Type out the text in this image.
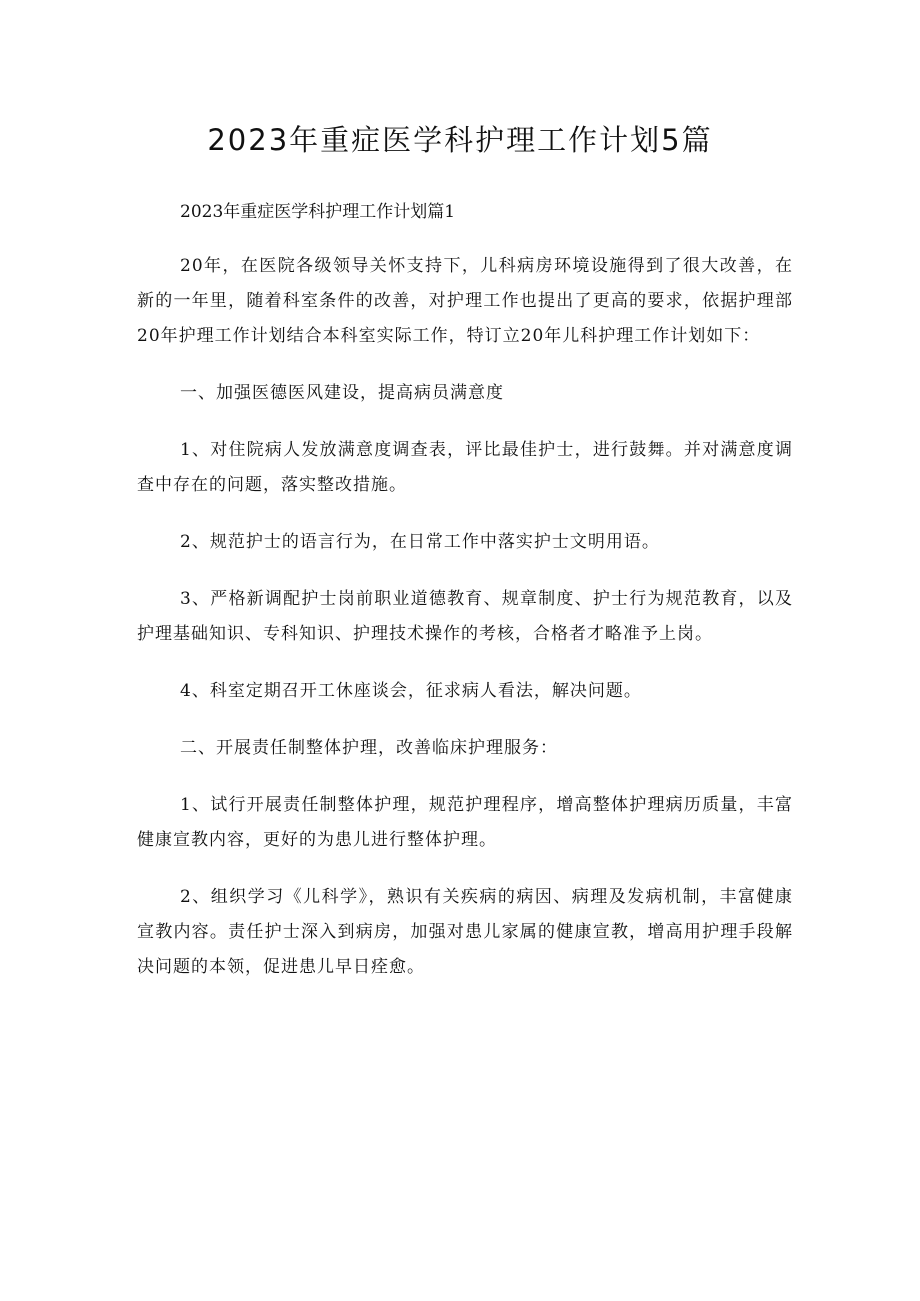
2023年重症医学科护理工作计划5篇

2023年重症医学科护理工作计划篇1

20年，在医院各级领导关怀支持下，儿科病房环境设施得到了很大改善，在新的一年里，随着科室条件的改善，对护理工作也提出了更高的要求，依据护理部20年护理工作计划结合本科室实际工作，特订立20年儿科护理工作计划如下：

一、加强医德医风建设，提高病员满意度

1、对住院病人发放满意度调查表，评比最佳护士，进行鼓舞。并对满意度调查中存在的问题，落实整改措施。

2、规范护士的语言行为，在日常工作中落实护士文明用语。

3、严格新调配护士岗前职业道德教育、规章制度、护士行为规范教育，以及护理基础知识、专科知识、护理技术操作的考核，合格者才略准予上岗。

4、科室定期召开工休座谈会，征求病人看法，解决问题。

二、开展责任制整体护理，改善临床护理服务：

1、试行开展责任制整体护理，规范护理程序，增高整体护理病历质量，丰富健康宣教内容，更好的为患儿进行整体护理。

2、组织学习《儿科学》，熟识有关疾病的病因、病理及发病机制，丰富健康宣教内容。责任护士深入到病房，加强对患儿家属的健康宣教，增高用护理手段解决问题的本领，促进患儿早日痊愈。
